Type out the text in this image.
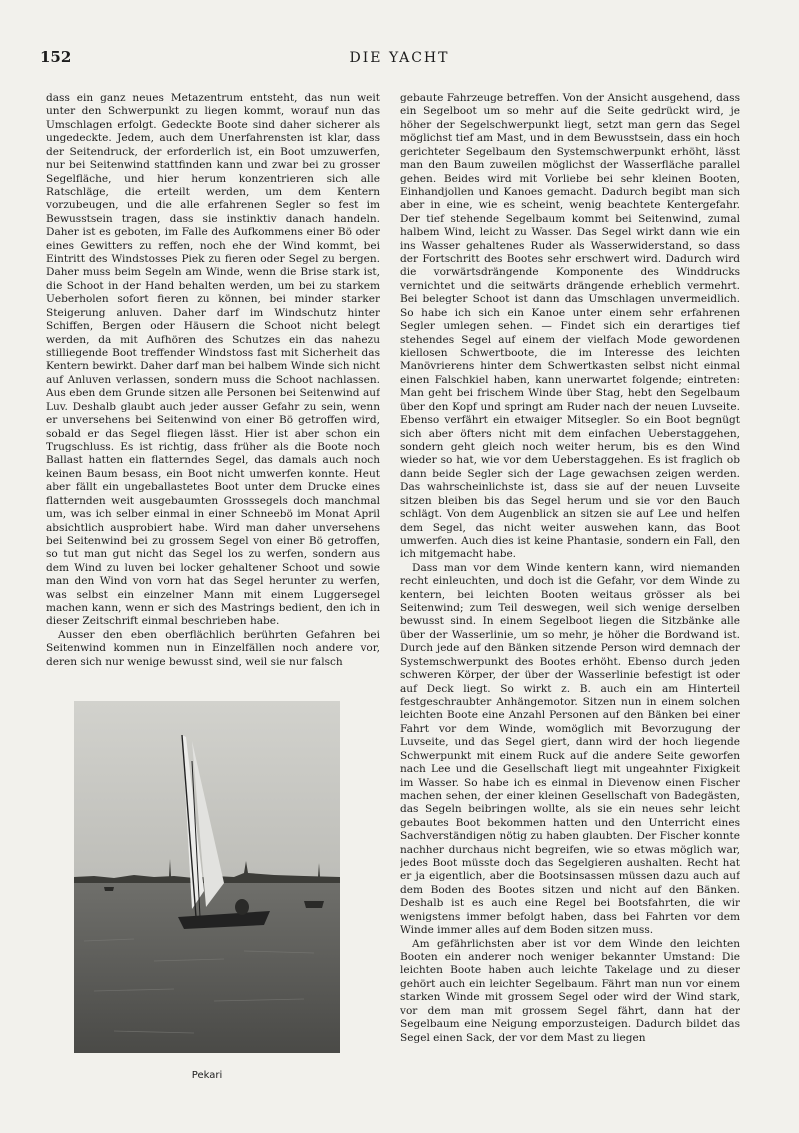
152	DIE YACHT

dass ein ganz neues Metazentrum entsteht, das nun weit unter den Schwerpunkt zu liegen kommt, worauf nun das Umschlagen erfolgt. Gedeckte Boote sind daher sicherer als ungedeckte. Jedem, auch dem Unerfahrensten ist klar, dass der Seitendruck, der erforderlich ist, ein Boot umzuwerfen, nur bei Seitenwind stattfinden kann und zwar bei zu grosser Segelfläche, und hier herum konzentrieren sich alle Ratschläge, die erteilt werden, um dem Kentern vorzubeugen, und die alle erfahrenen Segler so fest im Bewusstsein tragen, dass sie instinktiv danach handeln. Daher ist es geboten, im Falle des Aufkommens einer Bö oder eines Gewitters zu reffen, noch ehe der Wind kommt, bei Eintritt des Windstosses Piek zu fieren oder Segel zu bergen. Daher muss beim Segeln am Winde, wenn die Brise stark ist, die Schoot in der Hand behalten werden, um bei zu starkem Ueberholen sofort fieren zu können, bei minder starker Steigerung anluven. Daher darf im Windschutz hinter Schiffen, Bergen oder Häusern die Schoot nicht belegt werden, da mit Aufhören des Schutzes ein das nahezu stilliegende Boot treffender Windstoss fast mit Sicherheit das Kentern bewirkt. Daher darf man bei halbem Winde sich nicht auf Anluven verlassen, sondern muss die Schoot nachlassen. Aus eben dem Grunde sitzen alle Personen bei Seitenwind auf Luv. Deshalb glaubt auch jeder ausser Gefahr zu sein, wenn er unversehens bei Seitenwind von einer Bö getroffen wird, sobald er das Segel fliegen lässt. Hier ist aber schon ein Trugschluss. Es ist richtig, dass früher als die Boote noch Ballast hatten ein flatterndes Segel, das damals auch noch keinen Baum besass, ein Boot nicht umwerfen konnte. Heut aber fällt ein ungeballastetes Boot unter dem Drucke eines flatternden weit ausgebaumten Grosssegels doch manchmal um, was ich selber einmal in einer Schneebö im Monat April absichtlich ausprobiert habe. Wird man daher unversehens bei Seitenwind bei zu grossem Segel von einer Bö getroffen, so tut man gut nicht das Segel los zu werfen, sondern aus dem Wind zu luven bei locker gehaltener Schoot und sowie man den Wind von vorn hat das Segel herunter zu werfen, was selbst ein einzelner Mann mit einem Luggersegel machen kann, wenn er sich des Mastrings bedient, den ich in dieser Zeitschrift einmal beschrieben habe.

Ausser den eben oberflächlich berührten Gefahren bei Seitenwind kommen nun in Einzelfällen noch andere vor, deren sich nur wenige bewusst sind, weil sie nur falsch

Pekari

gebaute Fahrzeuge betreffen. Von der Ansicht ausgehend, dass ein Segelboot um so mehr auf die Seite gedrückt wird, je höher der Segelschwerpunkt liegt, setzt man gern das Segel möglichst tief am Mast, und in dem Bewusstsein, dass ein hoch gerichteter Segelbaum den Systemschwerpunkt erhöht, lässt man den Baum zuweilen möglichst der Wasserfläche parallel gehen. Beides wird mit Vorliebe bei sehr kleinen Booten, Einhandjollen und Kanoes gemacht. Dadurch begibt man sich aber in eine, wie es scheint, wenig beachtete Kentergefahr. Der tief stehende Segelbaum kommt bei Seitenwind, zumal halbem Wind, leicht zu Wasser. Das Segel wirkt dann wie ein ins Wasser gehaltenes Ruder als Wasserwiderstand, so dass der Fortschritt des Bootes sehr erschwert wird. Dadurch wird die vorwärtsdrängende Komponente des Winddrucks vernichtet und die seitwärts drängende erheblich vermehrt. Bei belegter Schoot ist dann das Umschlagen unvermeidlich. So habe ich sich ein Kanoe unter einem sehr erfahrenen Segler umlegen sehen. — Findet sich ein derartiges tief stehendes Segel auf einem der vielfach Mode gewordenen kiellosen Schwertboote, die im Interesse des leichten Manövrierens hinter dem Schwertkasten selbst nicht einmal einen Falschkiel haben, kann unerwartet folgende; eintreten: Man geht bei frischem Winde über Stag, hebt den Segelbaum über den Kopf und springt am Ruder nach der neuen Luvseite. Ebenso verfährt ein etwaiger Mitsegler. So ein Boot begnügt sich aber öfters nicht mit dem einfachen Ueberstaggehen, sondern geht gleich noch weiter herum, bis es den Wind wieder so hat, wie vor dem Ueberstaggehen. Es ist fraglich ob dann beide Segler sich der Lage gewachsen zeigen werden. Das wahrscheinlichste ist, dass sie auf der neuen Luvseite sitzen bleiben bis das Segel herum und sie vor den Bauch schlägt. Von dem Augenblick an sitzen sie auf Lee und helfen dem Segel, das nicht weiter auswehen kann, das Boot umwerfen. Auch dies ist keine Phantasie, sondern ein Fall, den ich mitgemacht habe.

Dass man vor dem Winde kentern kann, wird niemanden recht einleuchten, und doch ist die Gefahr, vor dem Winde zu kentern, bei leichten Booten weitaus grösser als bei Seitenwind; zum Teil deswegen, weil sich wenige derselben bewusst sind. In einem Segelboot liegen die Sitzbänke alle über der Wasserlinie, um so mehr, je höher die Bordwand ist. Durch jede auf den Bänken sitzende Person wird demnach der Systemschwerpunkt des Bootes erhöht. Ebenso durch jeden schweren Körper, der über der Wasserlinie befestigt ist oder auf Deck liegt. So wirkt z. B. auch ein am Hinterteil festgeschraubter Anhängemotor. Sitzen nun in einem solchen leichten Boote eine Anzahl Personen auf den Bänken bei einer Fahrt vor dem Winde, womöglich mit Bevorzugung der Luvseite, und das Segel giert, dann wird der hoch liegende Schwerpunkt mit einem Ruck auf die andere Seite geworfen nach Lee und die Gesellschaft liegt mit ungeahnter Fixigkeit im Wasser. So habe ich es einmal in Dievenow einen Fischer machen sehen, der einer kleinen Gesellschaft von Badegästen, das Segeln beibringen wollte, als sie ein neues sehr leicht gebautes Boot bekommen hatten und den Unterricht eines Sachverständigen nötig zu haben glaubten. Der Fischer konnte nachher durchaus nicht begreifen, wie so etwas möglich war, jedes Boot müsste doch das Segelgieren aushalten. Recht hat er ja eigentlich, aber die Bootsinsassen müssen dazu auch auf dem Boden des Bootes sitzen und nicht auf den Bänken. Deshalb ist es auch eine Regel bei Bootsfahrten, die wir wenigstens immer befolgt haben, dass bei Fahrten vor dem Winde immer alles auf dem Boden sitzen muss.

Am gefährlichsten aber ist vor dem Winde den leichten Booten ein anderer noch weniger bekannter Umstand: Die leichten Boote haben auch leichte Takelage und zu dieser gehört auch ein leichter Segelbaum. Fährt man nun vor einem starken Winde mit grossem Segel oder wird der Wind stark, vor dem man mit grossem Segel fährt, dann hat der Segelbaum eine Neigung emporzusteigen. Dadurch bildet das Segel einen Sack, der vor dem Mast zu liegen
